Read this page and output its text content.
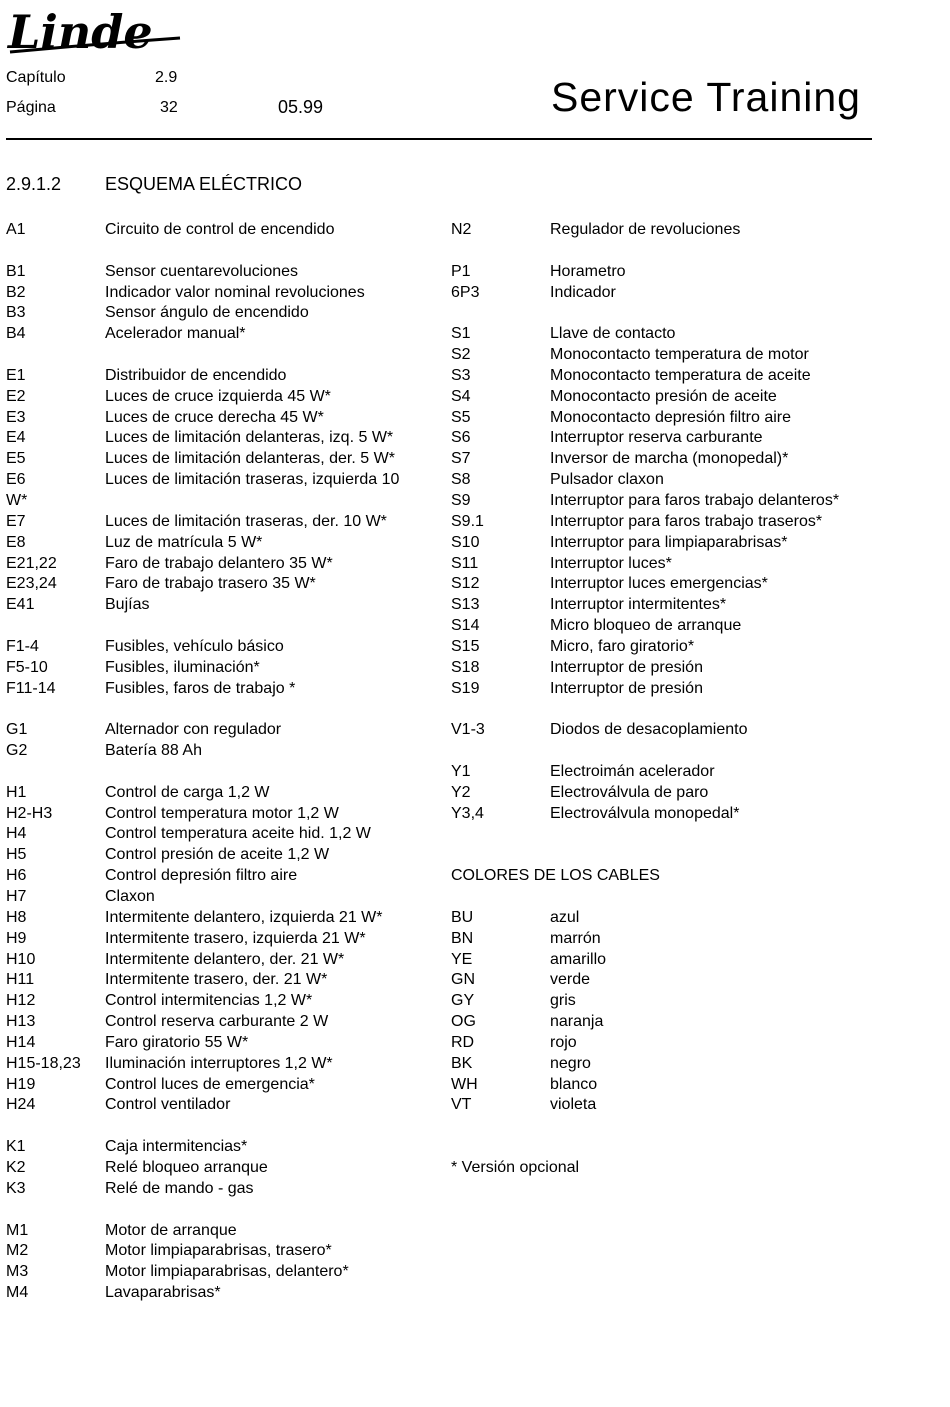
Linde
Capítulo	2.9
Página	32	05.99	Service Training
2.9.1.2 ESQUEMA ELÉCTRICO
A1	Circuito de control de encendido
B1	Sensor cuentarevoluciones
B2	Indicador valor nominal revoluciones
B3	Sensor ángulo de encendido
B4	Acelerador manual*
E1	Distribuidor de encendido
E2	Luces de cruce izquierda 45 W*
E3	Luces de cruce derecha 45 W*
E4	Luces de limitación delanteras, izq. 5 W*
E5	Luces de limitación delanteras, der. 5 W*
E6	Luces de limitación traseras, izquierda 10
W*
E7	Luces de limitación traseras, der. 10 W*
E8	Luz de matrícula 5 W*
E21,22	Faro de trabajo delantero 35 W*
E23,24	Faro de trabajo trasero 35 W*
E41	Bujías
F1-4	Fusibles, vehículo básico
F5-10	Fusibles, iluminación*
F11-14	Fusibles, faros de trabajo *
G1	Alternador con regulador
G2	Batería 88 Ah
H1	Control de carga 1,2 W
H2-H3	Control temperatura motor 1,2 W
H4	Control temperatura aceite hid. 1,2 W
H5	Control presión de aceite 1,2 W
H6	Control depresión filtro aire
H7	Claxon
H8	Intermitente delantero, izquierda 21 W*
H9	Intermitente trasero, izquierda 21 W*
H10	Intermitente delantero, der. 21 W*
H11	Intermitente trasero, der. 21 W*
H12	Control intermitencias 1,2 W*
H13	Control reserva carburante 2 W
H14	Faro giratorio 55 W*
H15-18,23 Iluminación interruptores 1,2 W*
H19	Control luces de emergencia*
H24	Control ventilador
K1	Caja intermitencias*
K2	Relé bloqueo arranque
K3	Relé de mando - gas
M1	Motor de arranque
M2	Motor limpiaparabrisas, trasero*
M3	Motor limpiaparabrisas, delantero*
M4	Lavaparabrisas*
N2	Regulador de revoluciones
P1	Horametro
6P3	Indicador
S1	Llave de contacto
S2	Monocontacto temperatura de motor
S3	Monocontacto temperatura de aceite
S4	Monocontacto presión de aceite
S5	Monocontacto depresión filtro aire
S6	Interruptor reserva carburante
S7	Inversor de marcha (monopedal)*
S8	Pulsador claxon
S9	Interruptor para faros trabajo delanteros*
S9.1	Interruptor para faros trabajo traseros*
S10	Interruptor para limpiaparabrisas*
S11	Interruptor luces*
S12	Interruptor luces emergencias*
S13	Interruptor intermitentes*
S14	Micro bloqueo de arranque
S15	Micro, faro giratorio*
S18	Interruptor de presión
S19	Interruptor de presión
V1-3	Diodos de desacoplamiento
Y1	Electroimán acelerador
Y2	Electroválvula de paro
Y3,4	Electroválvula monopedal*
COLORES DE LOS CABLES
BU	azul
BN	marrón
YE	amarillo
GN	verde
GY	gris
OG	naranja
RD	rojo
BK	negro
WH	blanco
VT	violeta
* Versión opcional
